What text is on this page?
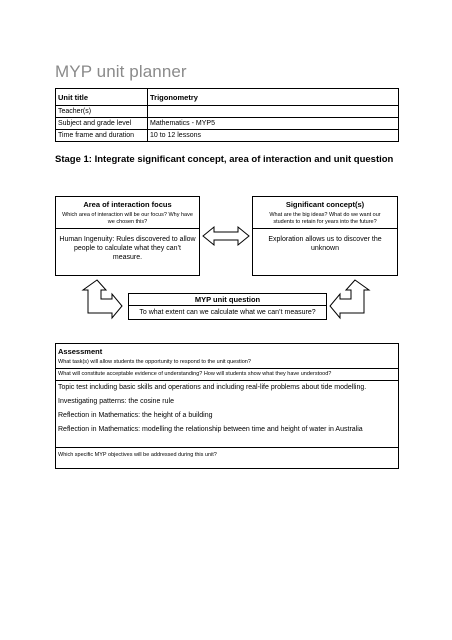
MYP unit planner
Unit title	Trigonometry
Teacher(s)	
Subject and grade level	Mathematics - MYP5
Time frame and duration	10 to 12 lessons
Stage 1: Integrate significant concept, area of interaction and unit question
Area of interaction focus
Which area of interaction will be our focus? Why have we chosen this?
Human Ingenuity: Rules discovered to allow people to calculate what they can’t measure.
Significant concept(s)
What are the big ideas? What do we want our students to retain for years into the future?
Exploration allows us to discover the unknown
MYP unit question
To what extent can we calculate what we can’t measure?
Assessment
What task(s) will allow students the opportunity to respond to the unit question?
What will constitute acceptable evidence of understanding? How will students show what they have understood?
Topic test including basic skills and operations and including real-life problems about tide modelling.
Investigating patterns: the cosine rule
Reflection in Mathematics: the height of a building
Reflection in Mathematics: modelling the relationship between time and height of water in Australia
Which specific MYP objectives will be addressed during this unit?
